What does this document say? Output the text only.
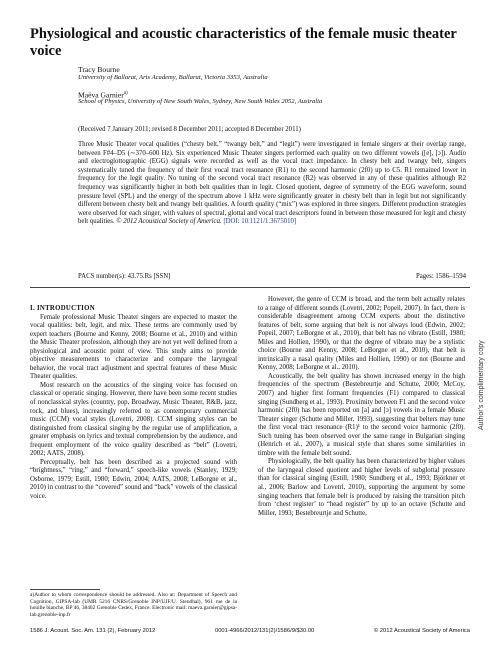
Physiological and acoustic characteristics of the female music theater voice
Tracy Bourne
University of Ballarat, Arts Academy, Ballarat, Victoria 3353, Australia
Maëva Garnier$^{a)}$
School of Physics, University of New South Wales, Sydney, New South Wales 2052, Australia
(Received 7 January 2011; revised 8 December 2011; accepted 8 December 2011)
Three Music Theater vocal qualities (“chesty belt,” “twangy belt,” and “legit”) were investigated in female singers at their overlap range, between F#4–D5 (∼370–600 Hz). Six experienced Music Theater singers performed each quality on two different vowels ([e], [ɔ]). Audio and electroglottographic (EGG) signals were recorded as well as the vocal tract impedance. In chesty belt and twangy belt, singers systematically tuned the frequency of their first vocal tract resonance (R1) to the second harmonic (2f0) up to C5. R1 remained lower in frequency for the legit quality. No tuning of the second vocal tract resonance (R2) was observed in any of these qualities although R2 frequency was significantly higher in both belt qualities than in legit. Closed quotient, degree of symmetry of the EGG waveform, sound pressure level (SPL) and the energy of the spectrum above 1 kHz were significantly greater in chesty belt than in legit but not significantly different between chesty belt and twangy belt qualities. A fourth quality (“mix”) was explored in three singers. Different production strategies were observed for each singer, with values of spectral, glottal and vocal tract descriptors found in between those measured for legit and chesty belt qualities. © 2012 Acoustical Society of America. [DOI: 10.1121/1.3675010]
PACS number(s): 43.75.Rs [SSN]	Pages: 1586–1594

I. INTRODUCTION

Female professional Music Theater singers are expected to master the vocal qualities: belt, legit, and mix. These terms are commonly used by expert teachers (Bourne and Kenny, 2008; Bourne et al., 2010) and within the Music Theater profession, although they are not yet well defined from a physiological and acoustic point of view. This study aims to provide objective measurements to characterize and compare the laryngeal behavior, the vocal tract adjustment and spectral features of these Music Theater qualities.

Most research on the acoustics of the singing voice has focused on classical or operatic singing. However, there have been some recent studies of nonclassical styles (country, pop, Broadway, Music Theater, R&B, jazz, rock, and blues), increasingly referred to as contemporary commercial music (CCM) vocal styles (Lovetri, 2008). CCM singing styles can be distinguished from classical singing by the regular use of amplification, a greater emphasis on lyrics and textual comprehension by the audience, and frequent employment of the voice quality described as “belt” (Lovetri, 2002; AATS, 2008).

Perceptually, belt has been described as a projected sound with “brightness,” “ring,” and “forward,” speech-like vowels (Stanley, 1929; Osborne, 1979; Estill, 1980; Edwin, 2004; AATS, 2008; LeBorgne et al., 2010) in contrast to the “covered” sound and “back” vowels of the classical voice.

However, the genre of CCM is broad, and the term belt actually relates to a range of different sounds (Lovetri, 2002; Popeil, 2007). In fact, there is considerable disagreement among CCM experts about the distinctive features of belt, some arguing that belt is not always loud (Edwin, 2002; Popeil, 2007; LeBorgne et al., 2010), that belt has no vibrato (Estill, 1980; Miles and Hollien, 1990), or that the degree of vibrato may be a stylistic choice (Bourne and Kenny, 2008; LeBorgne et al., 2010), that belt is intrinsically a nasal quality (Miles and Hollien, 1990) or not (Bourne and Kenny, 2008; LeBorgne et al., 2010).

Acoustically, the belt quality has shown increased energy in the high frequencies of the spectrum (Bestebreurtje and Schutte, 2000; McCoy, 2007) and higher first formant frequencies (F1) compared to classical singing (Sundberg et al., 1993). Proximity between F1 and the second voice harmonic (2f0) has been reported on [a] and [ɔ] vowels in a female Music Theater singer (Schutte and Miller, 1993), suggesting that belters may tune the first vocal tract resonance (R1)¹ to the second voice harmonic (2f0). Such tuning has been observed over the same range in Bulgarian singing (Henrich et al., 2007), a musical style that shares some similarities in timbre with the female belt sound.

Physiologically, the belt quality has been characterized by higher values of the laryngeal closed quotient and higher levels of subglottal pressure than for classical singing (Estill, 1980; Sundberg et al., 1993; Björkner et al., 2006; Barlow and Lovetri, 2010), supporting the argument by some singing teachers that female belt is produced by raising the transition pitch from ‘chest register’ to “head register” by up to an octave (Schutte and Miller, 1993; Bestebreurtje and Schutte,

a)Author to whom correspondence should be addressed. Also at: Department of Speech and Cognition, GIPSA-lab (UMR 5216 CNRS/Grenoble INP/UJF/U. Stendhal), 961 rue de la houille blanche, BP 46, 38402 Grenoble Cedex, France. Electronic mail: maeva.garnier@gipsa-lab.grenoble-inp.fr
1586 J. Acoust. Soc. Am. 131 (2), February 2012	0001-4966/2012/131(2)/1586/9/$30.00	© 2012 Acoustical Society of America
Author's complimentary copy
